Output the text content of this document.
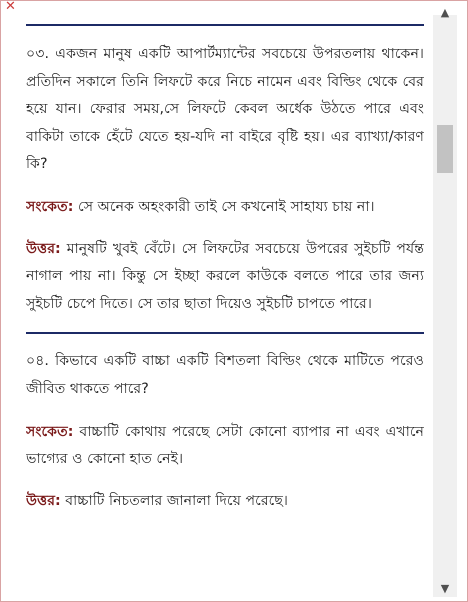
✕

০৩. একজন মানুষ একটি আপার্টম্যান্টের সবচেয়ে উপরতলায় থাকেন। প্রতিদিন সকালে তিনি লিফটে করে নিচে নামেন এবং বিল্ডিং থেকে বের হয়ে যান। ফেরার সময়,সে লিফটে কেবল অর্ধেক উঠতে পারে এবং বাকিটা তাকে হেঁটে যেতে হয়-যদি না বাইরে বৃষ্টি হয়। এর ব্যাখ্যা/কারণ কি?

সংকেত: সে অনেক অহংকারী তাই সে কখনোই সাহায্য চায় না।

উত্তর: মানুষটি খুবই বেঁটে। সে লিফটের সবচেয়ে উপরের সুইচটি পর্যন্ত নাগাল পায় না। কিন্তু সে ইচ্ছা করলে কাউকে বলতে পারে তার জন্য সুইচটি চেপে দিতে। সে তার ছাতা দিয়েও সুইচটি চাপতে পারে।

০৪. কিভাবে একটি বাচ্চা একটি বিশতলা বিল্ডিং থেকে মাটিতে পরেও জীবিত থাকতে পারে?

সংকেত: বাচ্চাটি কোথায় পরেছে সেটা কোনো ব্যাপার না এবং এখানে ভাগ্যের ও কোনো হাত নেই।

উত্তর: বাচ্চাটি নিচতলার জানালা দিয়ে পরেছে।

▲
▼
